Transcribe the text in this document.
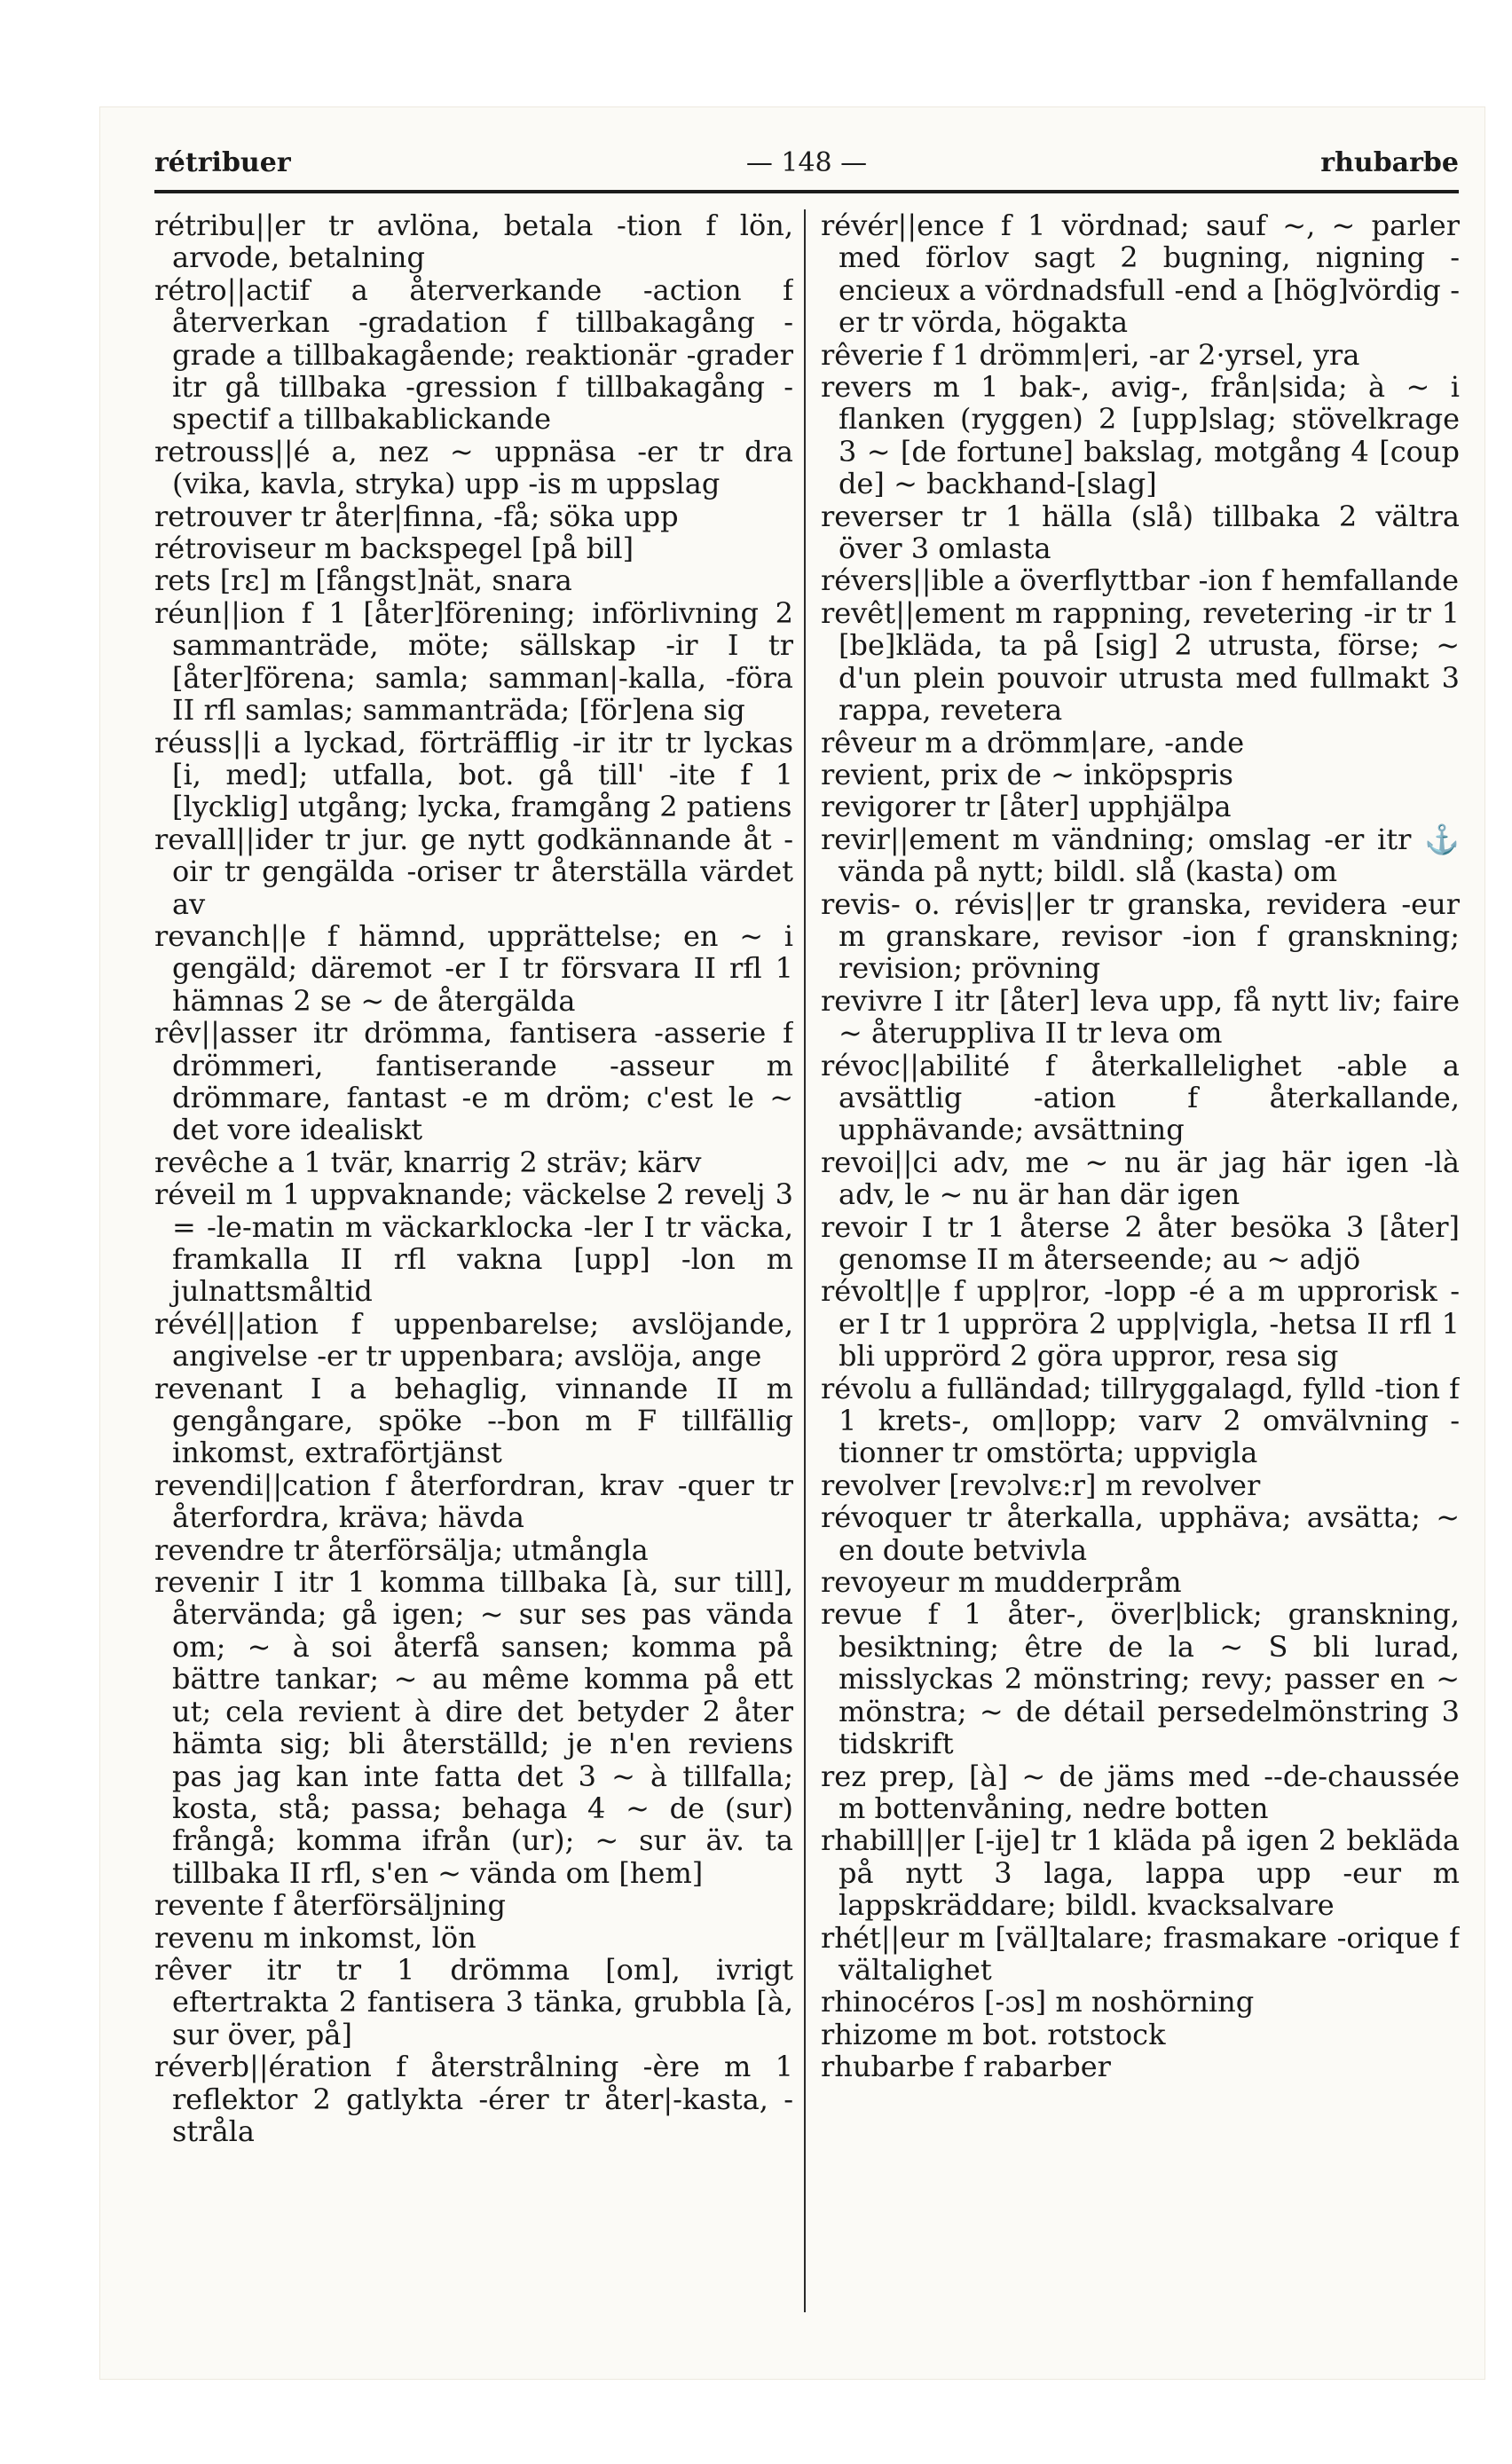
rétribuer	— 148 —	rhubarbe

rétribu||er tr avlöna, betala -tion f lön, arvode, betalning

rétro||actif a återverkande -action f återverkan -gradation f tillbakagång -grade a tillbakagående; reaktionär -grader itr gå tillbaka -gression f tillbakagång -spectif a tillbakablickande

retrouss||é a, nez ~ uppnäsa -er tr dra (vika, kavla, stryka) upp -is m uppslag

retrouver tr åter|finna, -få; söka upp

rétroviseur m backspegel [på bil]

rets [rɛ] m [fångst]nät, snara

réun||ion f 1 [åter]förening; införlivning 2 sammanträde, möte; sällskap -ir I tr [åter]förena; samla; samman|-kalla, -föra II rfl samlas; sammanträda; [för]ena sig

réuss||i a lyckad, förträfflig -ir itr tr lyckas [i, med]; utfalla, bot. gå till' -ite f 1 [lycklig] utgång; lycka, framgång 2 patiens

revall||ider tr jur. ge nytt godkännande åt -oir tr gengälda -oriser tr återställa värdet av

revanch||e f hämnd, upprättelse; en ~ i gengäld; däremot -er I tr försvara II rfl 1 hämnas 2 se ~ de återgälda

rêv||asser itr drömma, fantisera -asserie f drömmeri, fantiserande -asseur m drömmare, fantast -e m dröm; c'est le ~ det vore idealiskt

revêche a 1 tvär, knarrig 2 sträv; kärv

réveil m 1 uppvaknande; väckelse 2 revelj 3 = -le-matin m väckarklocka -ler I tr väcka, framkalla II rfl vakna [upp] -lon m julnattsmåltid

révél||ation f uppenbarelse; avslöjande, angivelse -er tr uppenbara; avslöja, ange

revenant I a behaglig, vinnande II m gengångare, spöke --bon m F tillfällig inkomst, extraförtjänst

revendi||cation f återfordran, krav -quer tr återfordra, kräva; hävda

revendre tr återförsälja; utmångla

revenir I itr 1 komma tillbaka [à, sur till], återvända; gå igen; ~ sur ses pas vända om; ~ à soi återfå sansen; komma på bättre tankar; ~ au même komma på ett ut; cela revient à dire det betyder 2 åter hämta sig; bli återställd; je n'en reviens pas jag kan inte fatta det 3 ~ à tillfalla; kosta, stå; passa; behaga 4 ~ de (sur) frångå; komma ifrån (ur); ~ sur äv. ta tillbaka II rfl, s'en ~ vända om [hem]

revente f återförsäljning

revenu m inkomst, lön

rêver itr tr 1 drömma [om], ivrigt eftertrakta 2 fantisera 3 tänka, grubbla [à, sur över, på]

réverb||ération f återstrålning -ère m 1 reflektor 2 gatlykta -érer tr åter|-kasta, -stråla

révér||ence f 1 vördnad; sauf ~, ~ parler med förlov sagt 2 bugning, nigning -encieux a vördnadsfull -end a [hög]vördig -er tr vörda, högakta

rêverie f 1 drömm|eri, -ar 2·yrsel, yra

revers m 1 bak-, avig-, från|sida; à ~ i flanken (ryggen) 2 [upp]slag; stövelkrage 3 ~ [de fortune] bakslag, motgång 4 [coup de] ~ backhand-[slag]

reverser tr 1 hälla (slå) tillbaka 2 vältra över 3 omlasta

révers||ible a överflyttbar -ion f hemfallande

revêt||ement m rappning, revetering -ir tr 1 [be]kläda, ta på [sig] 2 utrusta, förse; ~ d'un plein pouvoir utrusta med fullmakt 3 rappa, revetera

rêveur m a drömm|are, -ande

revient, prix de ~ inköpspris

revigorer tr [åter] upphjälpa

revir||ement m vändning; omslag -er itr ⚓ vända på nytt; bildl. slå (kasta) om

revis- o. révis||er tr granska, revidera -eur m granskare, revisor -ion f granskning; revision; prövning

revivre I itr [åter] leva upp, få nytt liv; faire ~ återuppliva II tr leva om

révoc||abilité f återkallelighet -able a avsättlig -ation f återkallande, upphävande; avsättning

revoi||ci adv, me ~ nu är jag här igen -là adv, le ~ nu är han där igen

revoir I tr 1 återse 2 åter besöka 3 [åter] genomse II m återseende; au ~ adjö

révolt||e f upp|ror, -lopp -é a m upprorisk -er I tr 1 uppröra 2 upp|vigla, -hetsa II rfl 1 bli upprörd 2 göra uppror, resa sig

révolu a fulländad; tillryggalagd, fylld -tion f 1 krets-, om|lopp; varv 2 omvälvning -tionner tr omstörta; uppvigla

revolver [revɔlvɛ:r] m revolver

révoquer tr återkalla, upphäva; avsätta; ~ en doute betvivla

revoyeur m mudderpråm

revue f 1 åter-, över|blick; granskning, besiktning; être de la ~ S bli lurad, misslyckas 2 mönstring; revy; passer en ~ mönstra; ~ de détail persedelmönstring 3 tidskrift

rez prep, [à] ~ de jäms med --de-chaussée m bottenvåning, nedre botten

rhabill||er [-ije] tr 1 kläda på igen 2 bekläda på nytt 3 laga, lappa upp -eur m lappskräddare; bildl. kvacksalvare

rhét||eur m [väl]talare; frasmakare -orique f vältalighet

rhinocéros [-ɔs] m noshörning

rhizome m bot. rotstock

rhubarbe f rabarber
